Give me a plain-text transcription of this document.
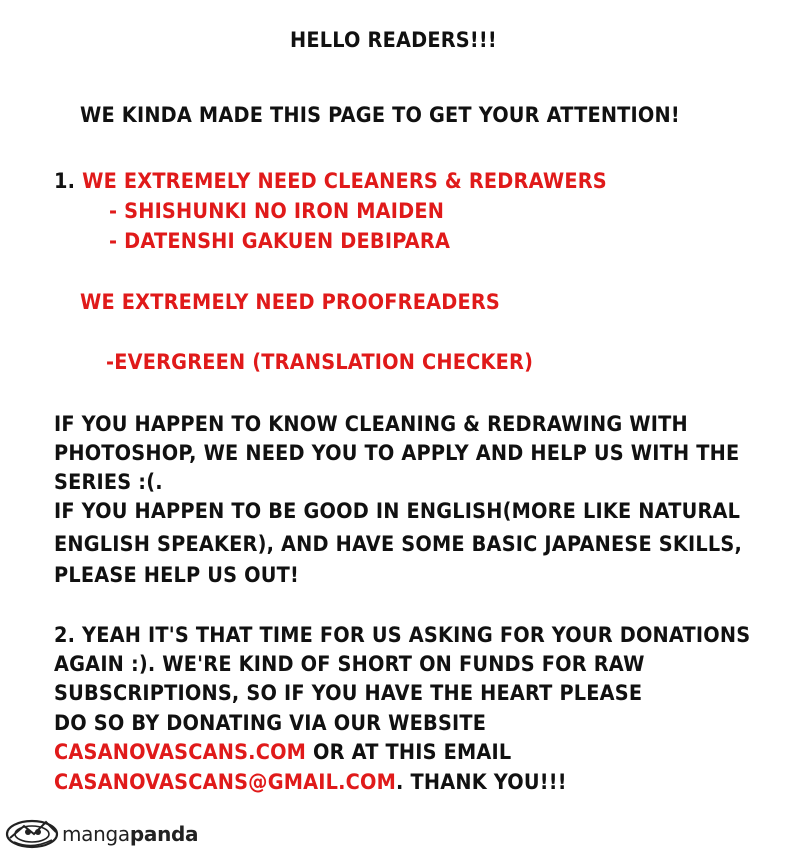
HELLO READERS!!!
WE KINDA MADE THIS PAGE TO GET YOUR ATTENTION!
1. WE EXTREMELY NEED CLEANERS & REDRAWERS
- SHISHUNKI NO IRON MAIDEN
- DATENSHI GAKUEN DEBIPARA
WE EXTREMELY NEED PROOFREADERS
-EVERGREEN (TRANSLATION CHECKER)
IF YOU HAPPEN TO KNOW CLEANING & REDRAWING WITH
PHOTOSHOP, WE NEED YOU TO APPLY AND HELP US WITH THE
SERIES :(.
IF YOU HAPPEN TO BE GOOD IN ENGLISH(MORE LIKE NATURAL
ENGLISH SPEAKER), AND HAVE SOME BASIC JAPANESE SKILLS,
PLEASE HELP US OUT!
2. YEAH IT'S THAT TIME FOR US ASKING FOR YOUR DONATIONS
AGAIN :). WE'RE KIND OF SHORT ON FUNDS FOR RAW
SUBSCRIPTIONS, SO IF YOU HAVE THE HEART PLEASE
DO SO BY DONATING VIA OUR WEBSITE
CASANOVASCANS.COM OR AT THIS EMAIL
CASANOVASCANS@GMAIL.COM. THANK YOU!!!
mangapanda
